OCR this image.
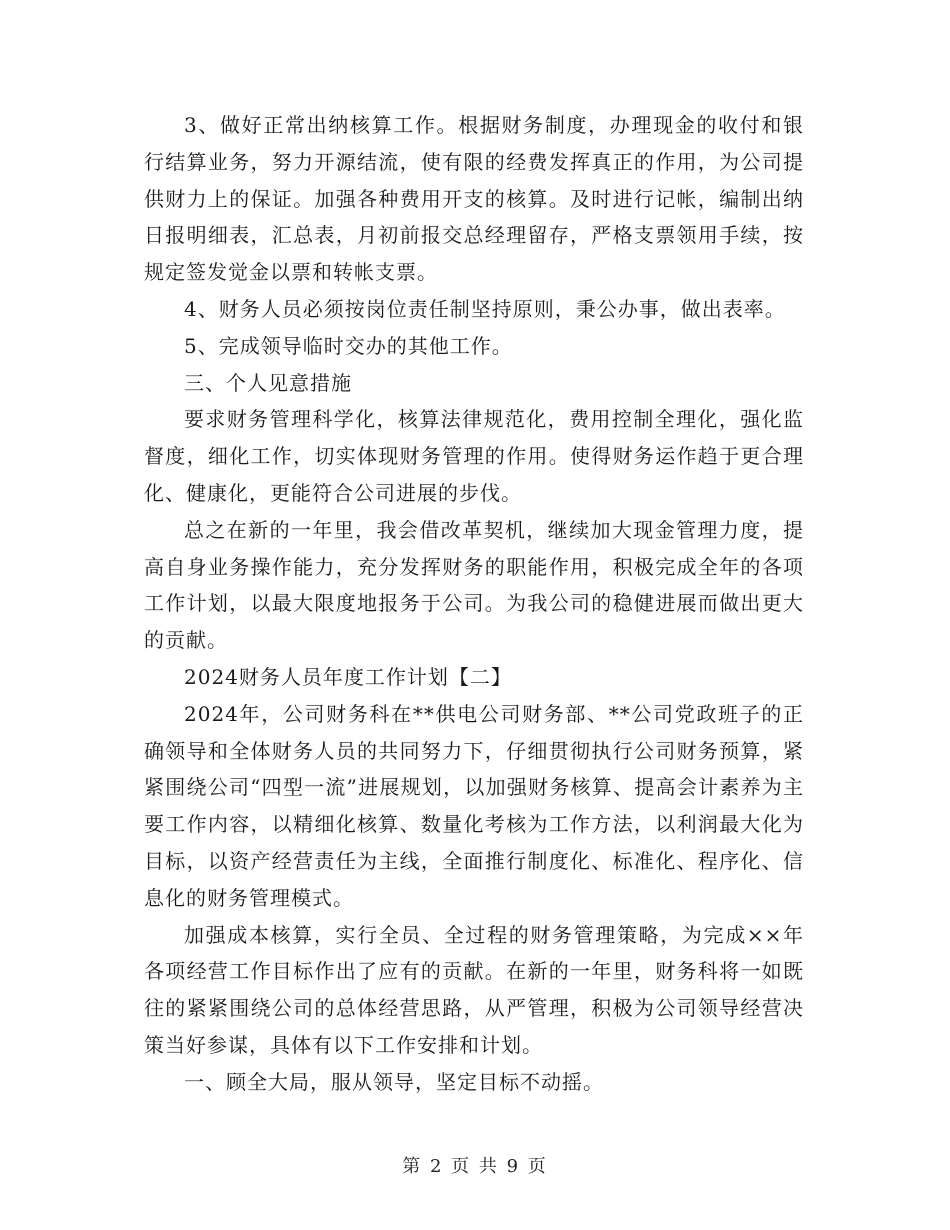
3、做好正常出纳核算工作。根据财务制度，办理现金的收付和银行结算业务，努力开源结流，使有限的经费发挥真正的作用，为公司提供财力上的保证。加强各种费用开支的核算。及时进行记帐，编制出纳日报明细表，汇总表，月初前报交总经理留存，严格支票领用手续，按规定签发觉金以票和转帐支票。

4、财务人员必须按岗位责任制坚持原则，秉公办事，做出表率。

5、完成领导临时交办的其他工作。

三、个人见意措施

要求财务管理科学化，核算法律规范化，费用控制全理化，强化监督度，细化工作，切实体现财务管理的作用。使得财务运作趋于更合理化、健康化，更能符合公司进展的步伐。

总之在新的一年里，我会借改革契机，继续加大现金管理力度，提高自身业务操作能力，充分发挥财务的职能作用，积极完成全年的各项工作计划，以最大限度地报务于公司。为我公司的稳健进展而做出更大的贡献。

2024财务人员年度工作计划【二】

2024年，公司财务科在**供电公司财务部、**公司党政班子的正确领导和全体财务人员的共同努力下，仔细贯彻执行公司财务预算，紧紧围绕公司“四型一流”进展规划，以加强财务核算、提高会计素养为主要工作内容，以精细化核算、数量化考核为工作方法，以利润最大化为目标，以资产经营责任为主线，全面推行制度化、标准化、程序化、信息化的财务管理模式。

加强成本核算，实行全员、全过程的财务管理策略，为完成××年各项经营工作目标作出了应有的贡献。在新的一年里，财务科将一如既往的紧紧围绕公司的总体经营思路，从严管理，积极为公司领导经营决策当好参谋，具体有以下工作安排和计划。

一、顾全大局，服从领导，坚定目标不动摇。

第 2 页 共 9 页
